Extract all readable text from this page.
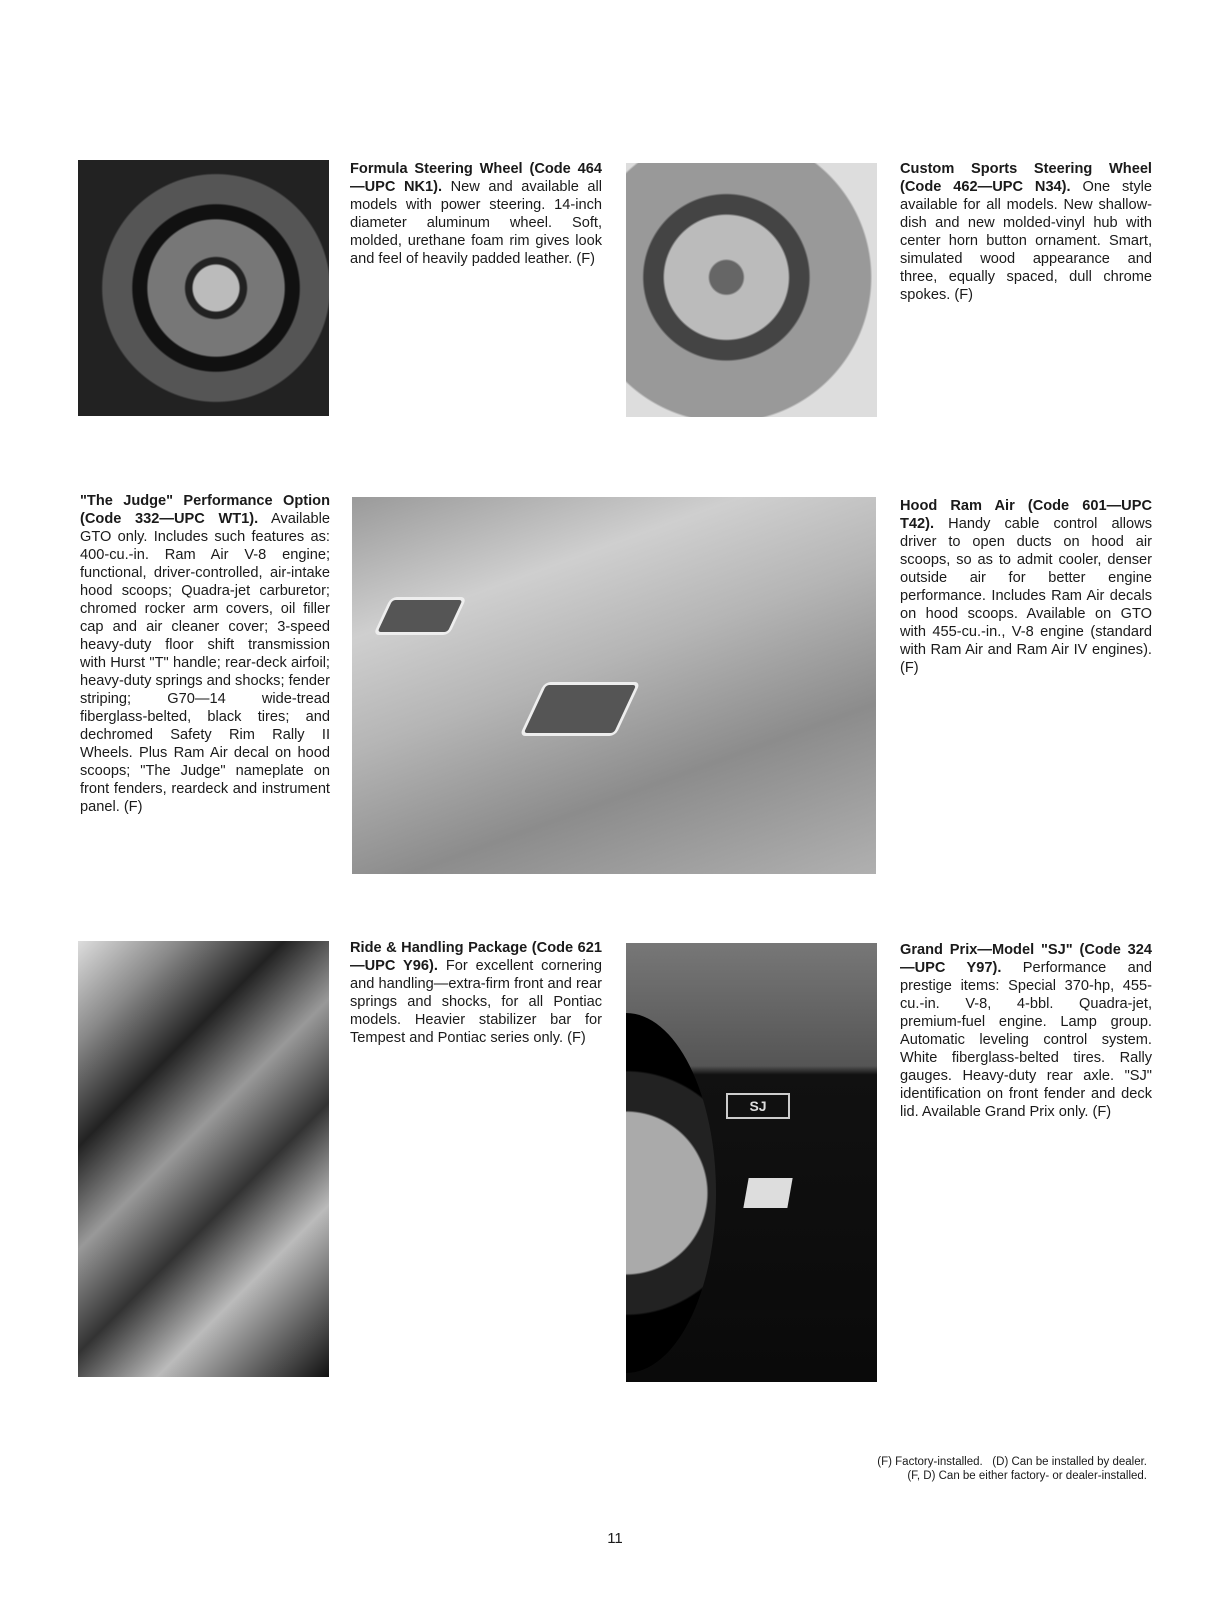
SJ
Formula Steering Wheel (Code 464—UPC NK1). New and available all models with power steering. 14-inch diameter aluminum wheel. Soft, molded, urethane foam rim gives look and feel of heavily padded leather. (F)
Custom Sports Steering Wheel (Code 462—UPC N34). One style available for all models. New shallow-dish and new molded-vinyl hub with center horn button ornament. Smart, simulated wood appearance and three, equally spaced, dull chrome spokes. (F)
"The Judge" Performance Option (Code 332—UPC WT1). Available GTO only. Includes such features as: 400-cu.-in. Ram Air V-8 engine; functional, driver-controlled, air-intake hood scoops; Quadra-jet carburetor; chromed rocker arm covers, oil filler cap and air cleaner cover; 3-speed heavy-duty floor shift transmission with Hurst "T" handle; rear-deck airfoil; heavy-duty springs and shocks; fender striping; G70—14 wide-tread fiberglass-belted, black tires; and dechromed Safety Rim Rally II Wheels. Plus Ram Air decal on hood scoops; "The Judge" nameplate on front fenders, reardeck and instrument panel. (F)
Hood Ram Air (Code 601—UPC T42). Handy cable control allows driver to open ducts on hood air scoops, so as to admit cooler, denser outside air for better engine performance. Includes Ram Air decals on hood scoops. Available on GTO with 455-cu.-in., V-8 engine (standard with Ram Air and Ram Air IV engines). (F)
Ride & Handling Package (Code 621—UPC Y96). For excellent cornering and handling—extra-firm front and rear springs and shocks, for all Pontiac models. Heavier stabilizer bar for Tempest and Pontiac series only. (F)
Grand Prix—Model "SJ" (Code 324—UPC Y97). Performance and prestige items: Special 370-hp, 455-cu.-in. V-8, 4-bbl. Quadra-jet, premium-fuel engine. Lamp group. Automatic leveling control system. White fiberglass-belted tires. Rally gauges. Heavy-duty rear axle. "SJ" identification on front fender and deck lid. Available Grand Prix only. (F)
(F) Factory-installed.   (D) Can be installed by dealer.
(F, D) Can be either factory- or dealer-installed.
11
